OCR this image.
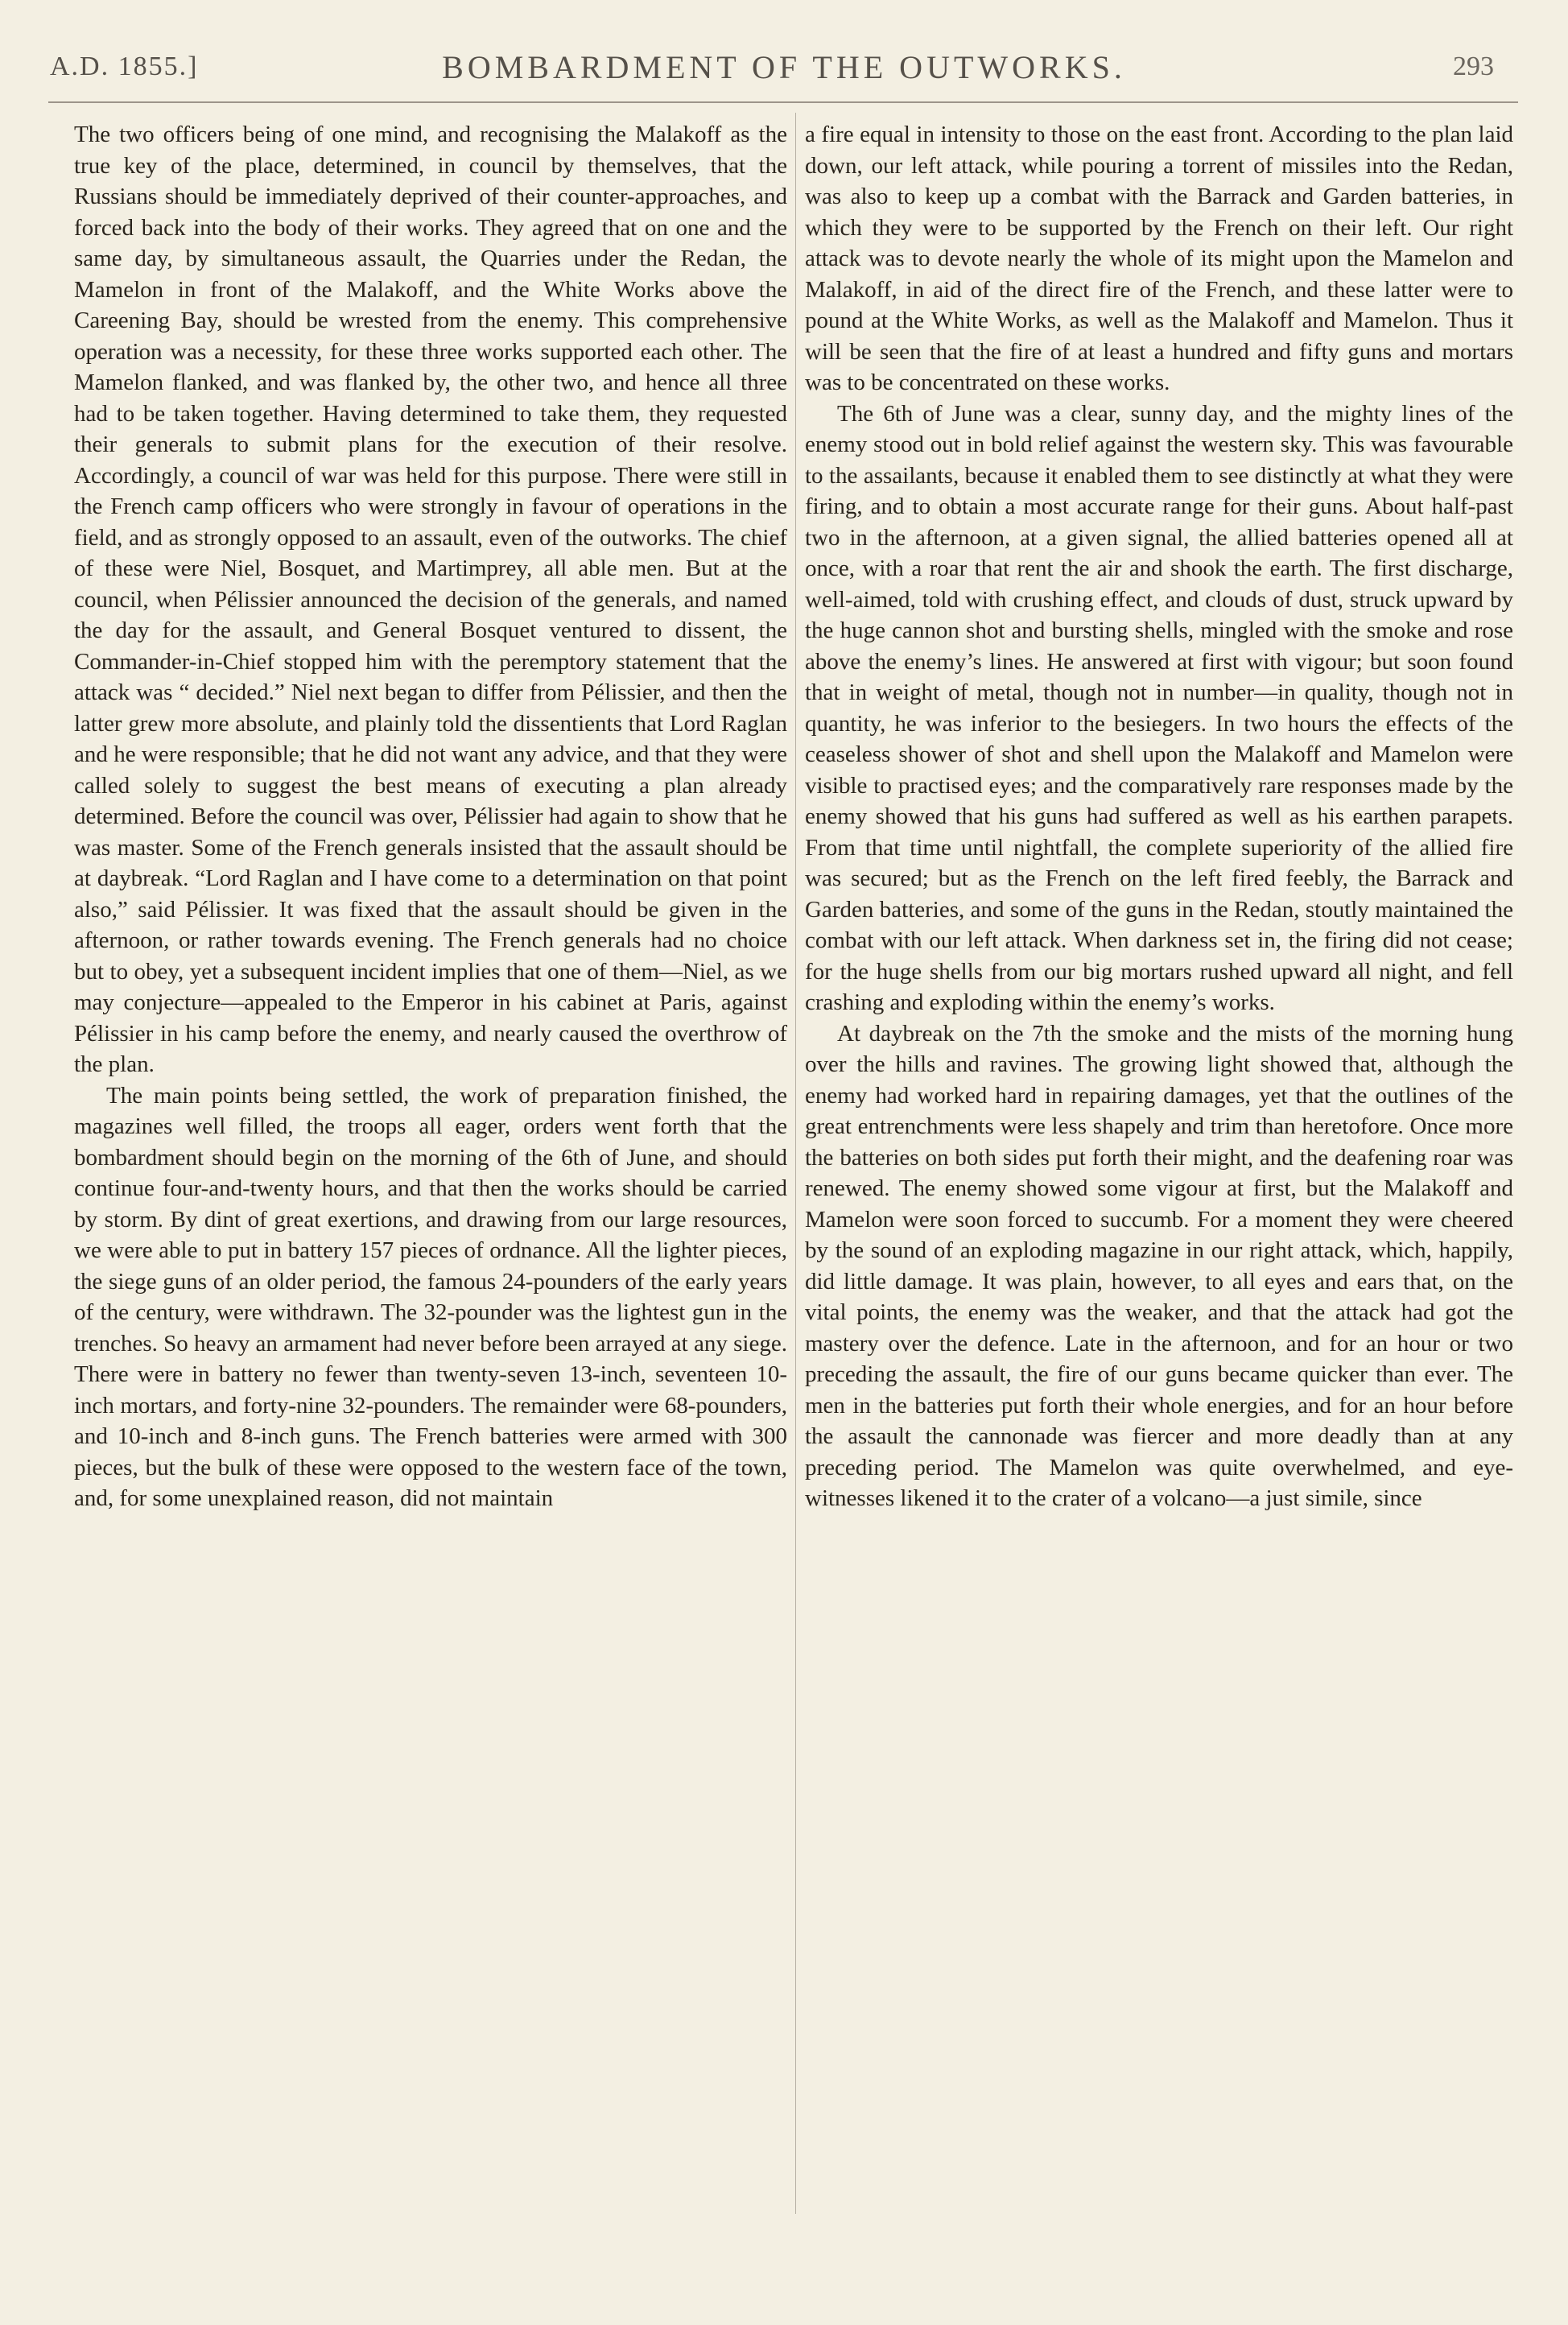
A.D. 1855.]	BOMBARDMENT OF THE OUTWORKS.	293

The two officers being of one mind, and recognising the Malakoff as the true key of the place, determined, in council by themselves, that the Russians should be immediately deprived of their counter-approaches, and forced back into the body of their works. They agreed that on one and the same day, by simultaneous assault, the Quarries under the Redan, the Mamelon in front of the Malakoff, and the White Works above the Careening Bay, should be wrested from the enemy. This comprehensive operation was a necessity, for these three works supported each other. The Mamelon flanked, and was flanked by, the other two, and hence all three had to be taken together. Having determined to take them, they requested their generals to submit plans for the execution of their resolve. Accordingly, a council of war was held for this purpose. There were still in the French camp officers who were strongly in favour of operations in the field, and as strongly opposed to an assault, even of the outworks. The chief of these were Niel, Bosquet, and Martimprey, all able men. But at the council, when Pélissier announced the decision of the generals, and named the day for the assault, and General Bosquet ventured to dissent, the Commander-in-Chief stopped him with the peremptory statement that the attack was “ decided.” Niel next began to differ from Pélissier, and then the latter grew more absolute, and plainly told the dissentients that Lord Raglan and he were responsible; that he did not want any advice, and that they were called solely to suggest the best means of executing a plan already determined. Before the council was over, Pélissier had again to show that he was master. Some of the French generals insisted that the assault should be at daybreak. “Lord Raglan and I have come to a determination on that point also,” said Pélissier. It was fixed that the assault should be given in the afternoon, or rather towards evening. The French generals had no choice but to obey, yet a subsequent incident implies that one of them—Niel, as we may conjecture—appealed to the Emperor in his cabinet at Paris, against Pélissier in his camp before the enemy, and nearly caused the overthrow of the plan.

The main points being settled, the work of preparation finished, the magazines well filled, the troops all eager, orders went forth that the bombardment should begin on the morning of the 6th of June, and should continue four-and-twenty hours, and that then the works should be carried by storm. By dint of great exertions, and drawing from our large resources, we were able to put in battery 157 pieces of ordnance. All the lighter pieces, the siege guns of an older period, the famous 24-pounders of the early years of the century, were withdrawn. The 32-pounder was the lightest gun in the trenches. So heavy an armament had never before been arrayed at any siege. There were in battery no fewer than twenty-seven 13-inch, seventeen 10-inch mortars, and forty-nine 32-pounders. The remainder were 68-pounders, and 10-inch and 8-inch guns. The French batteries were armed with 300 pieces, but the bulk of these were opposed to the western face of the town, and, for some unexplained reason, did not maintain

a fire equal in intensity to those on the east front. According to the plan laid down, our left attack, while pouring a torrent of missiles into the Redan, was also to keep up a combat with the Barrack and Garden batteries, in which they were to be supported by the French on their left. Our right attack was to devote nearly the whole of its might upon the Mamelon and Malakoff, in aid of the direct fire of the French, and these latter were to pound at the White Works, as well as the Malakoff and Mamelon. Thus it will be seen that the fire of at least a hundred and fifty guns and mortars was to be concentrated on these works.

The 6th of June was a clear, sunny day, and the mighty lines of the enemy stood out in bold relief against the western sky. This was favourable to the assailants, because it enabled them to see distinctly at what they were firing, and to obtain a most accurate range for their guns. About half-past two in the afternoon, at a given signal, the allied batteries opened all at once, with a roar that rent the air and shook the earth. The first discharge, well-aimed, told with crushing effect, and clouds of dust, struck upward by the huge cannon shot and bursting shells, mingled with the smoke and rose above the enemy’s lines. He answered at first with vigour; but soon found that in weight of metal, though not in number—in quality, though not in quantity, he was inferior to the besiegers. In two hours the effects of the ceaseless shower of shot and shell upon the Malakoff and Mamelon were visible to practised eyes; and the comparatively rare responses made by the enemy showed that his guns had suffered as well as his earthen parapets. From that time until nightfall, the complete superiority of the allied fire was secured; but as the French on the left fired feebly, the Barrack and Garden batteries, and some of the guns in the Redan, stoutly maintained the combat with our left attack. When darkness set in, the firing did not cease; for the huge shells from our big mortars rushed upward all night, and fell crashing and exploding within the enemy’s works.

At daybreak on the 7th the smoke and the mists of the morning hung over the hills and ravines. The growing light showed that, although the enemy had worked hard in repairing damages, yet that the outlines of the great entrenchments were less shapely and trim than heretofore. Once more the batteries on both sides put forth their might, and the deafening roar was renewed. The enemy showed some vigour at first, but the Malakoff and Mamelon were soon forced to succumb. For a moment they were cheered by the sound of an exploding magazine in our right attack, which, happily, did little damage. It was plain, however, to all eyes and ears that, on the vital points, the enemy was the weaker, and that the attack had got the mastery over the defence. Late in the afternoon, and for an hour or two preceding the assault, the fire of our guns became quicker than ever. The men in the batteries put forth their whole energies, and for an hour before the assault the cannonade was fiercer and more deadly than at any preceding period. The Mamelon was quite overwhelmed, and eye-witnesses likened it to the crater of a volcano—a just simile, since
